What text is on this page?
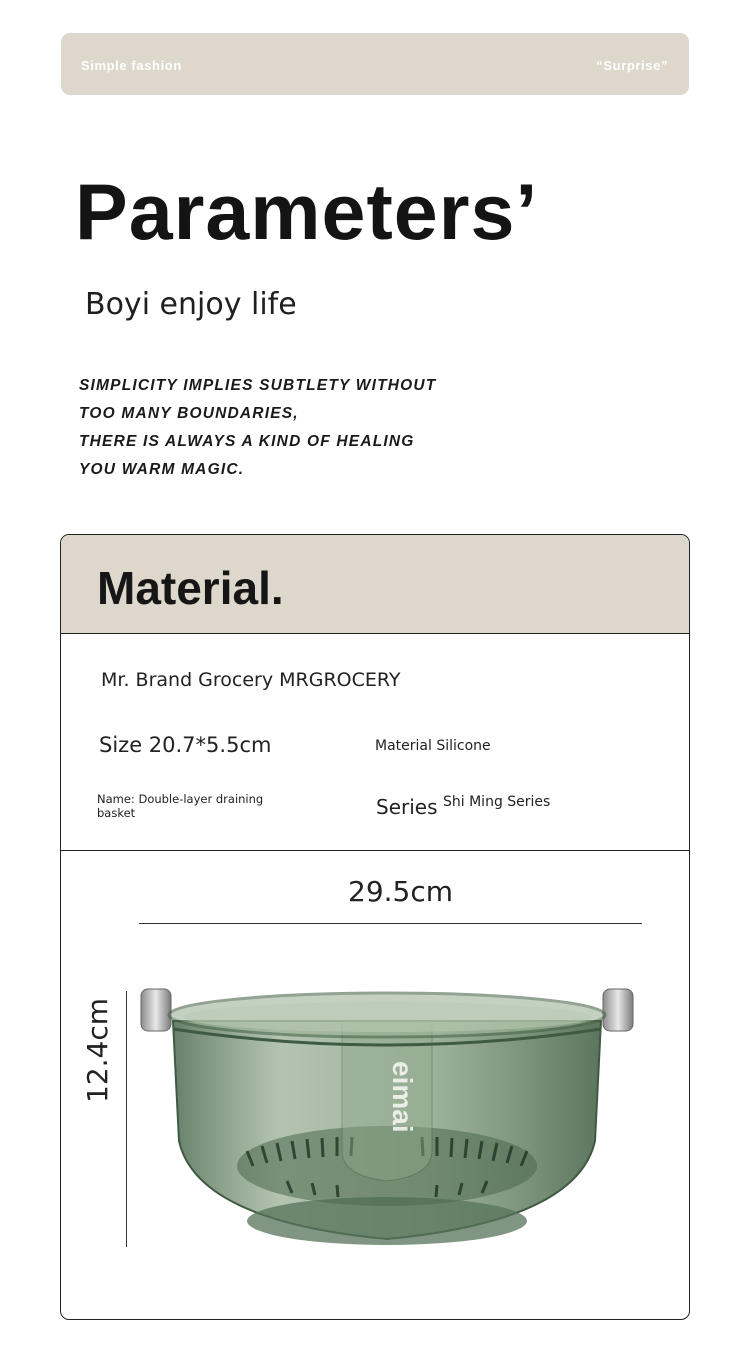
Simple fashion	“Surprise”
Parameters’
Boyi enjoy life
SIMPLICITY IMPLIES SUBTLETY WITHOUT
TOO MANY BOUNDARIES,
THERE IS ALWAYS A KIND OF HEALING
YOU WARM MAGIC.
Material.
Mr. Brand Grocery MRGROCERY
Size 20.7*5.5cm	Material Silicone
Name: Double-layer draining basket	Series Shi Ming Series
29.5cm
12.4cm	eimai
